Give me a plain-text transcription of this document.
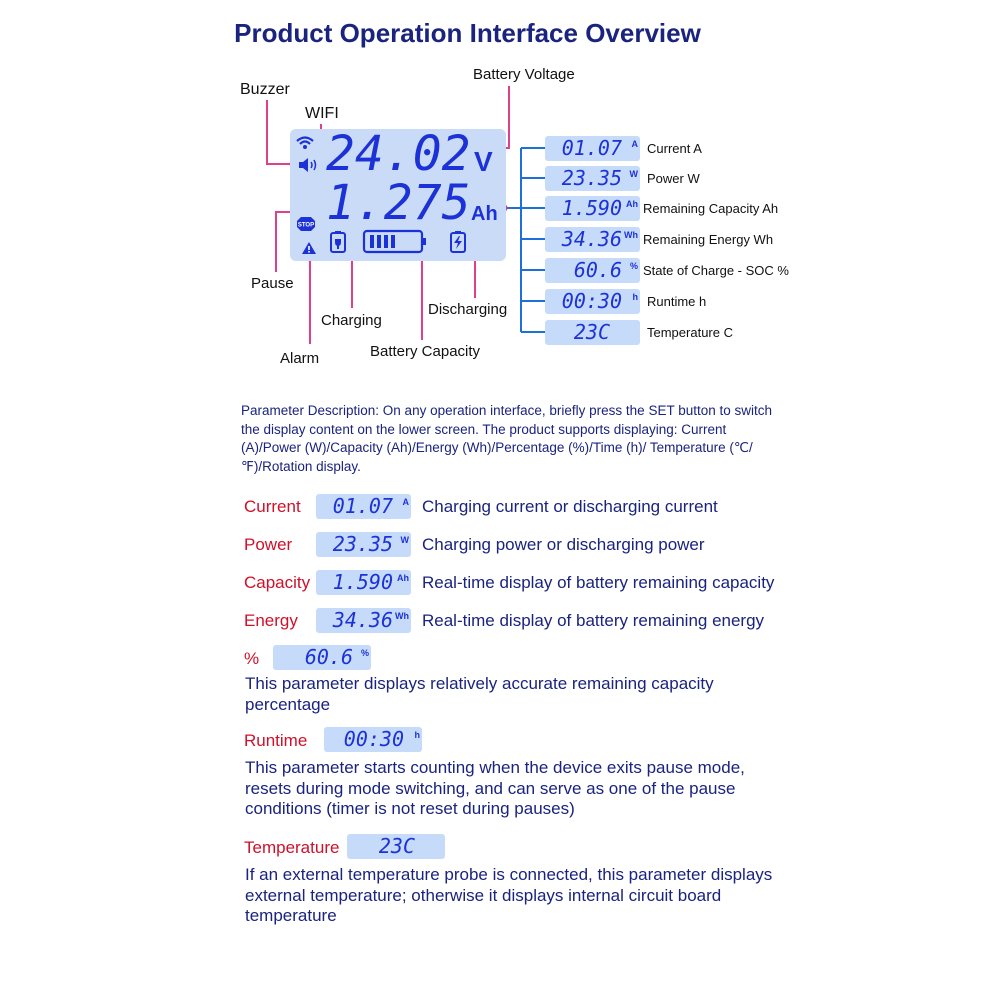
Product Operation Interface Overview
Buzzer
WIFI
Battery Voltage
Pause
Charging
Alarm	Battery Capacity
Discharging
STOP
24.02 V
1.275 Ah
01.07 A Current A
23.35 W Power W
1.590 Ah Remaining Capacity Ah
34.36 Wh Remaining Energy Wh
60.6 % State of Charge - SOC %
00:30 h Runtime h
23C	Temperature C
Parameter Description: On any operation interface, briefly press the SET button to switch the display content on the lower screen. The product supports displaying: Current (A)/Power (W)/Capacity (Ah)/Energy (Wh)/Percentage (%)/Time (h)/ Temperature (℃/℉)/Rotation display.
Current 01.07 A Charging current or discharging current
Power 23.35 W Charging power or discharging power
Capacity 1.590 Ah Real-time display of battery remaining capacity
Energy 34.36 Wh Real-time display of battery remaining energy
% 60.6 %
This parameter displays relatively accurate remaining capacity percentage
Runtime 00:30 h
This parameter starts counting when the device exits pause mode, resets during mode switching, and can serve as one of the pause conditions (timer is not reset during pauses)
Temperature 23C
If an external temperature probe is connected, this parameter displays external temperature; otherwise it displays internal circuit board temperature
